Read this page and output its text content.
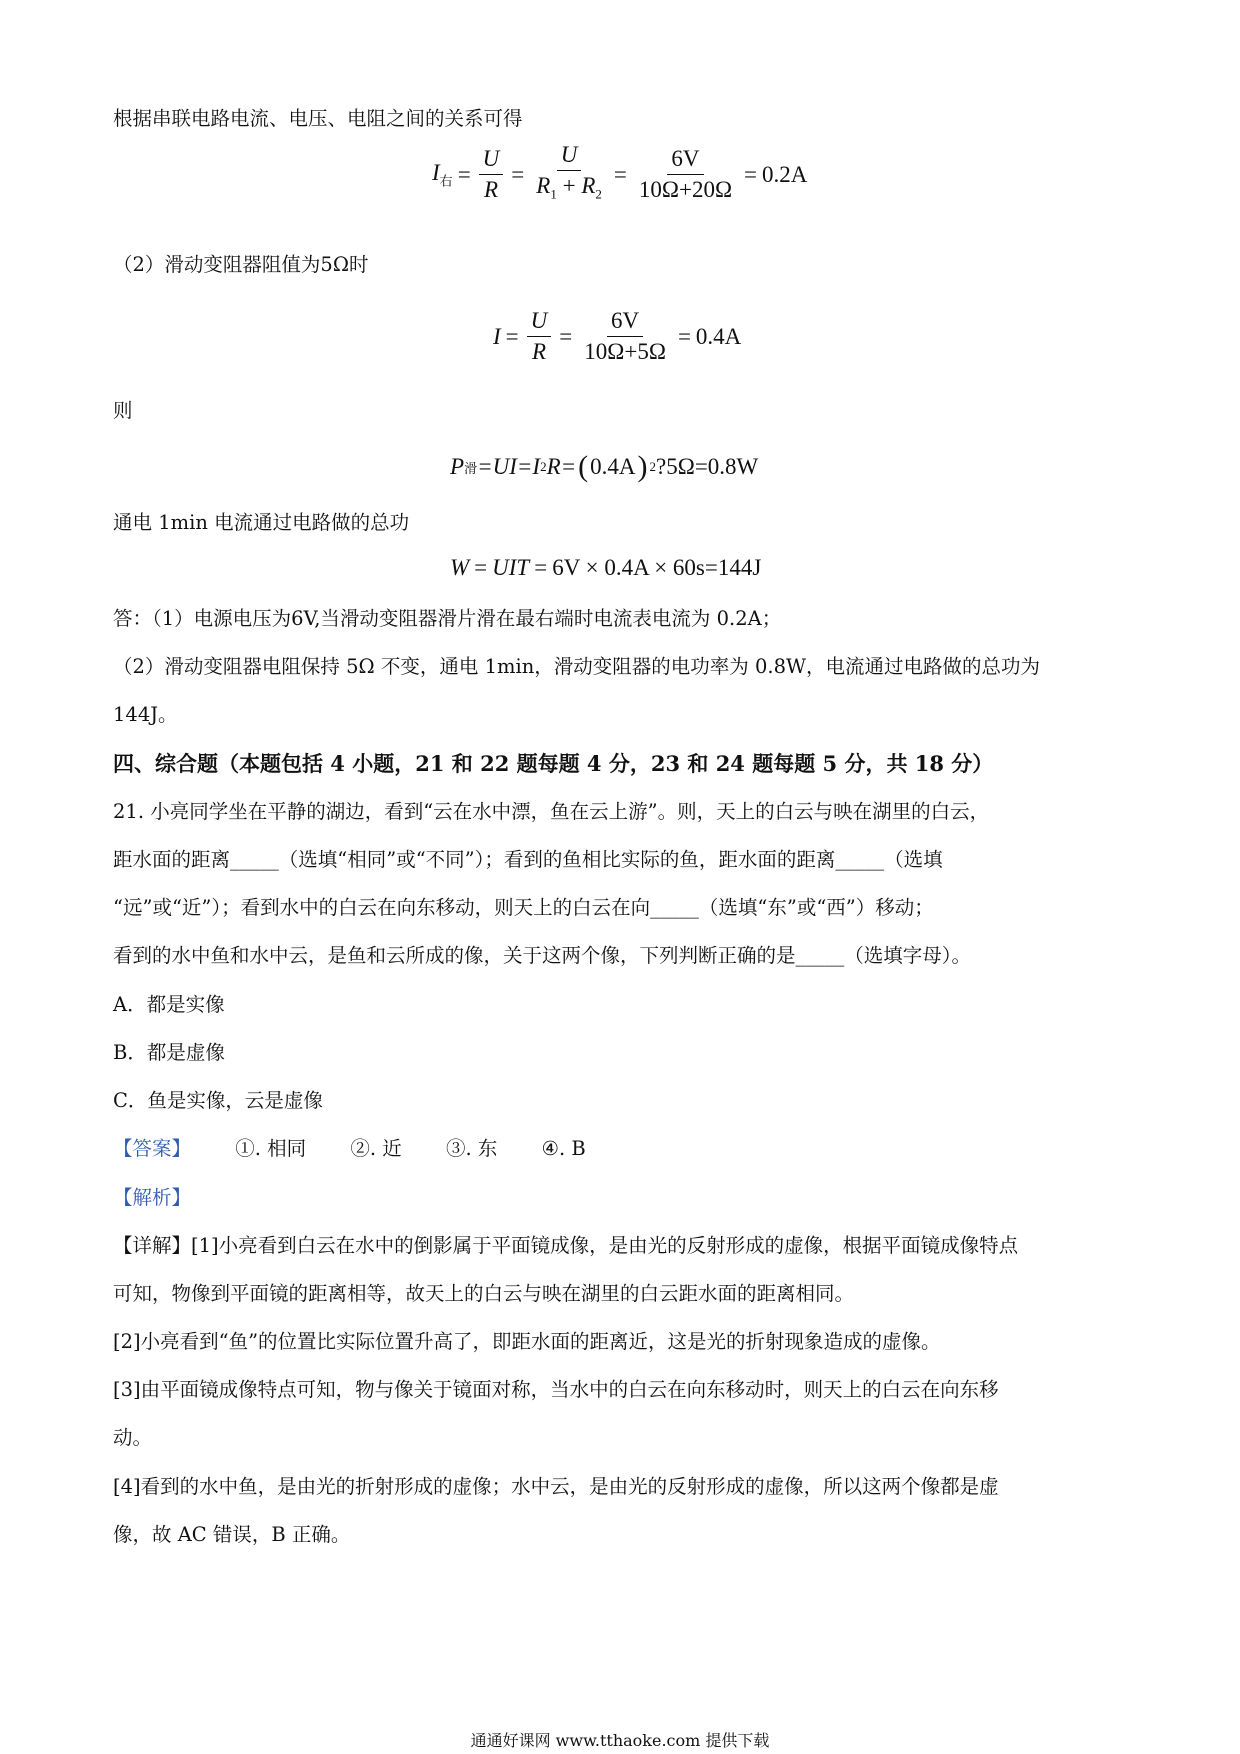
根据串联电路电流、电压、电阻之间的关系可得
$I_右 = \frac{U}{R} = \frac{U}{R_1 + R_2} = \frac{6V}{10\Omega+20\Omega} = 0.2A$
（2）滑动变阻器阻值为5Ω时
$I = \frac{U}{R} = \frac{6V}{10\Omega+5\Omega} = 0.4A$
则
P 滑 =UI=I 2 R= ( 0.4A ) 2 ?5Ω=0.8W
通电 1min 电流通过电路做的总功
W = UIT = 6V × 0.4A × 60s=144J
答：（1）电源电压为6V,当滑动变阻器滑片滑在最右端时电流表电流为 0.2A；
（2）滑动变阻器电阻保持 5Ω 不变，通电 1min，滑动变阻器的电功率为 0.8W，电流通过电路做的总功为
144J。
四、综合题（本题包括 4 小题，21 和 22 题每题 4 分，23 和 24 题每题 5 分，共 18 分）
21. 小亮同学坐在平静的湖边，看到“云在水中漂，鱼在云上游”。则，天上的白云与映在湖里的白云，
距水面的距离_____（选填“相同”或“不同”）；看到的鱼相比实际的鱼，距水面的距离_____（选填
“远”或“近”）；看到水中的白云在向东移动，则天上的白云在向_____（选填“东”或“西”）移动；
看到的水中鱼和水中云，是鱼和云所成的像，关于这两个像，下列判断正确的是_____（选填字母）。
A．都是实像
B．都是虚像
C．鱼是实像，云是虚像
【答案】 ①. 相同 ②. 近 ③. 东 ④. B
【解析】
【详解】[1]小亮看到白云在水中的倒影属于平面镜成像，是由光的反射形成的虚像，根据平面镜成像特点
可知，物像到平面镜的距离相等，故天上的白云与映在湖里的白云距水面的距离相同。
[2]小亮看到“鱼”的位置比实际位置升高了，即距水面的距离近，这是光的折射现象造成的虚像。
[3]由平面镜成像特点可知，物与像关于镜面对称，当水中的白云在向东移动时，则天上的白云在向东移
动。
[4]看到的水中鱼，是由光的折射形成的虚像；水中云，是由光的反射形成的虚像，所以这两个像都是虚
像，故 AC 错误，B 正确。
通通好课网 www.tthaoke.com 提供下载
